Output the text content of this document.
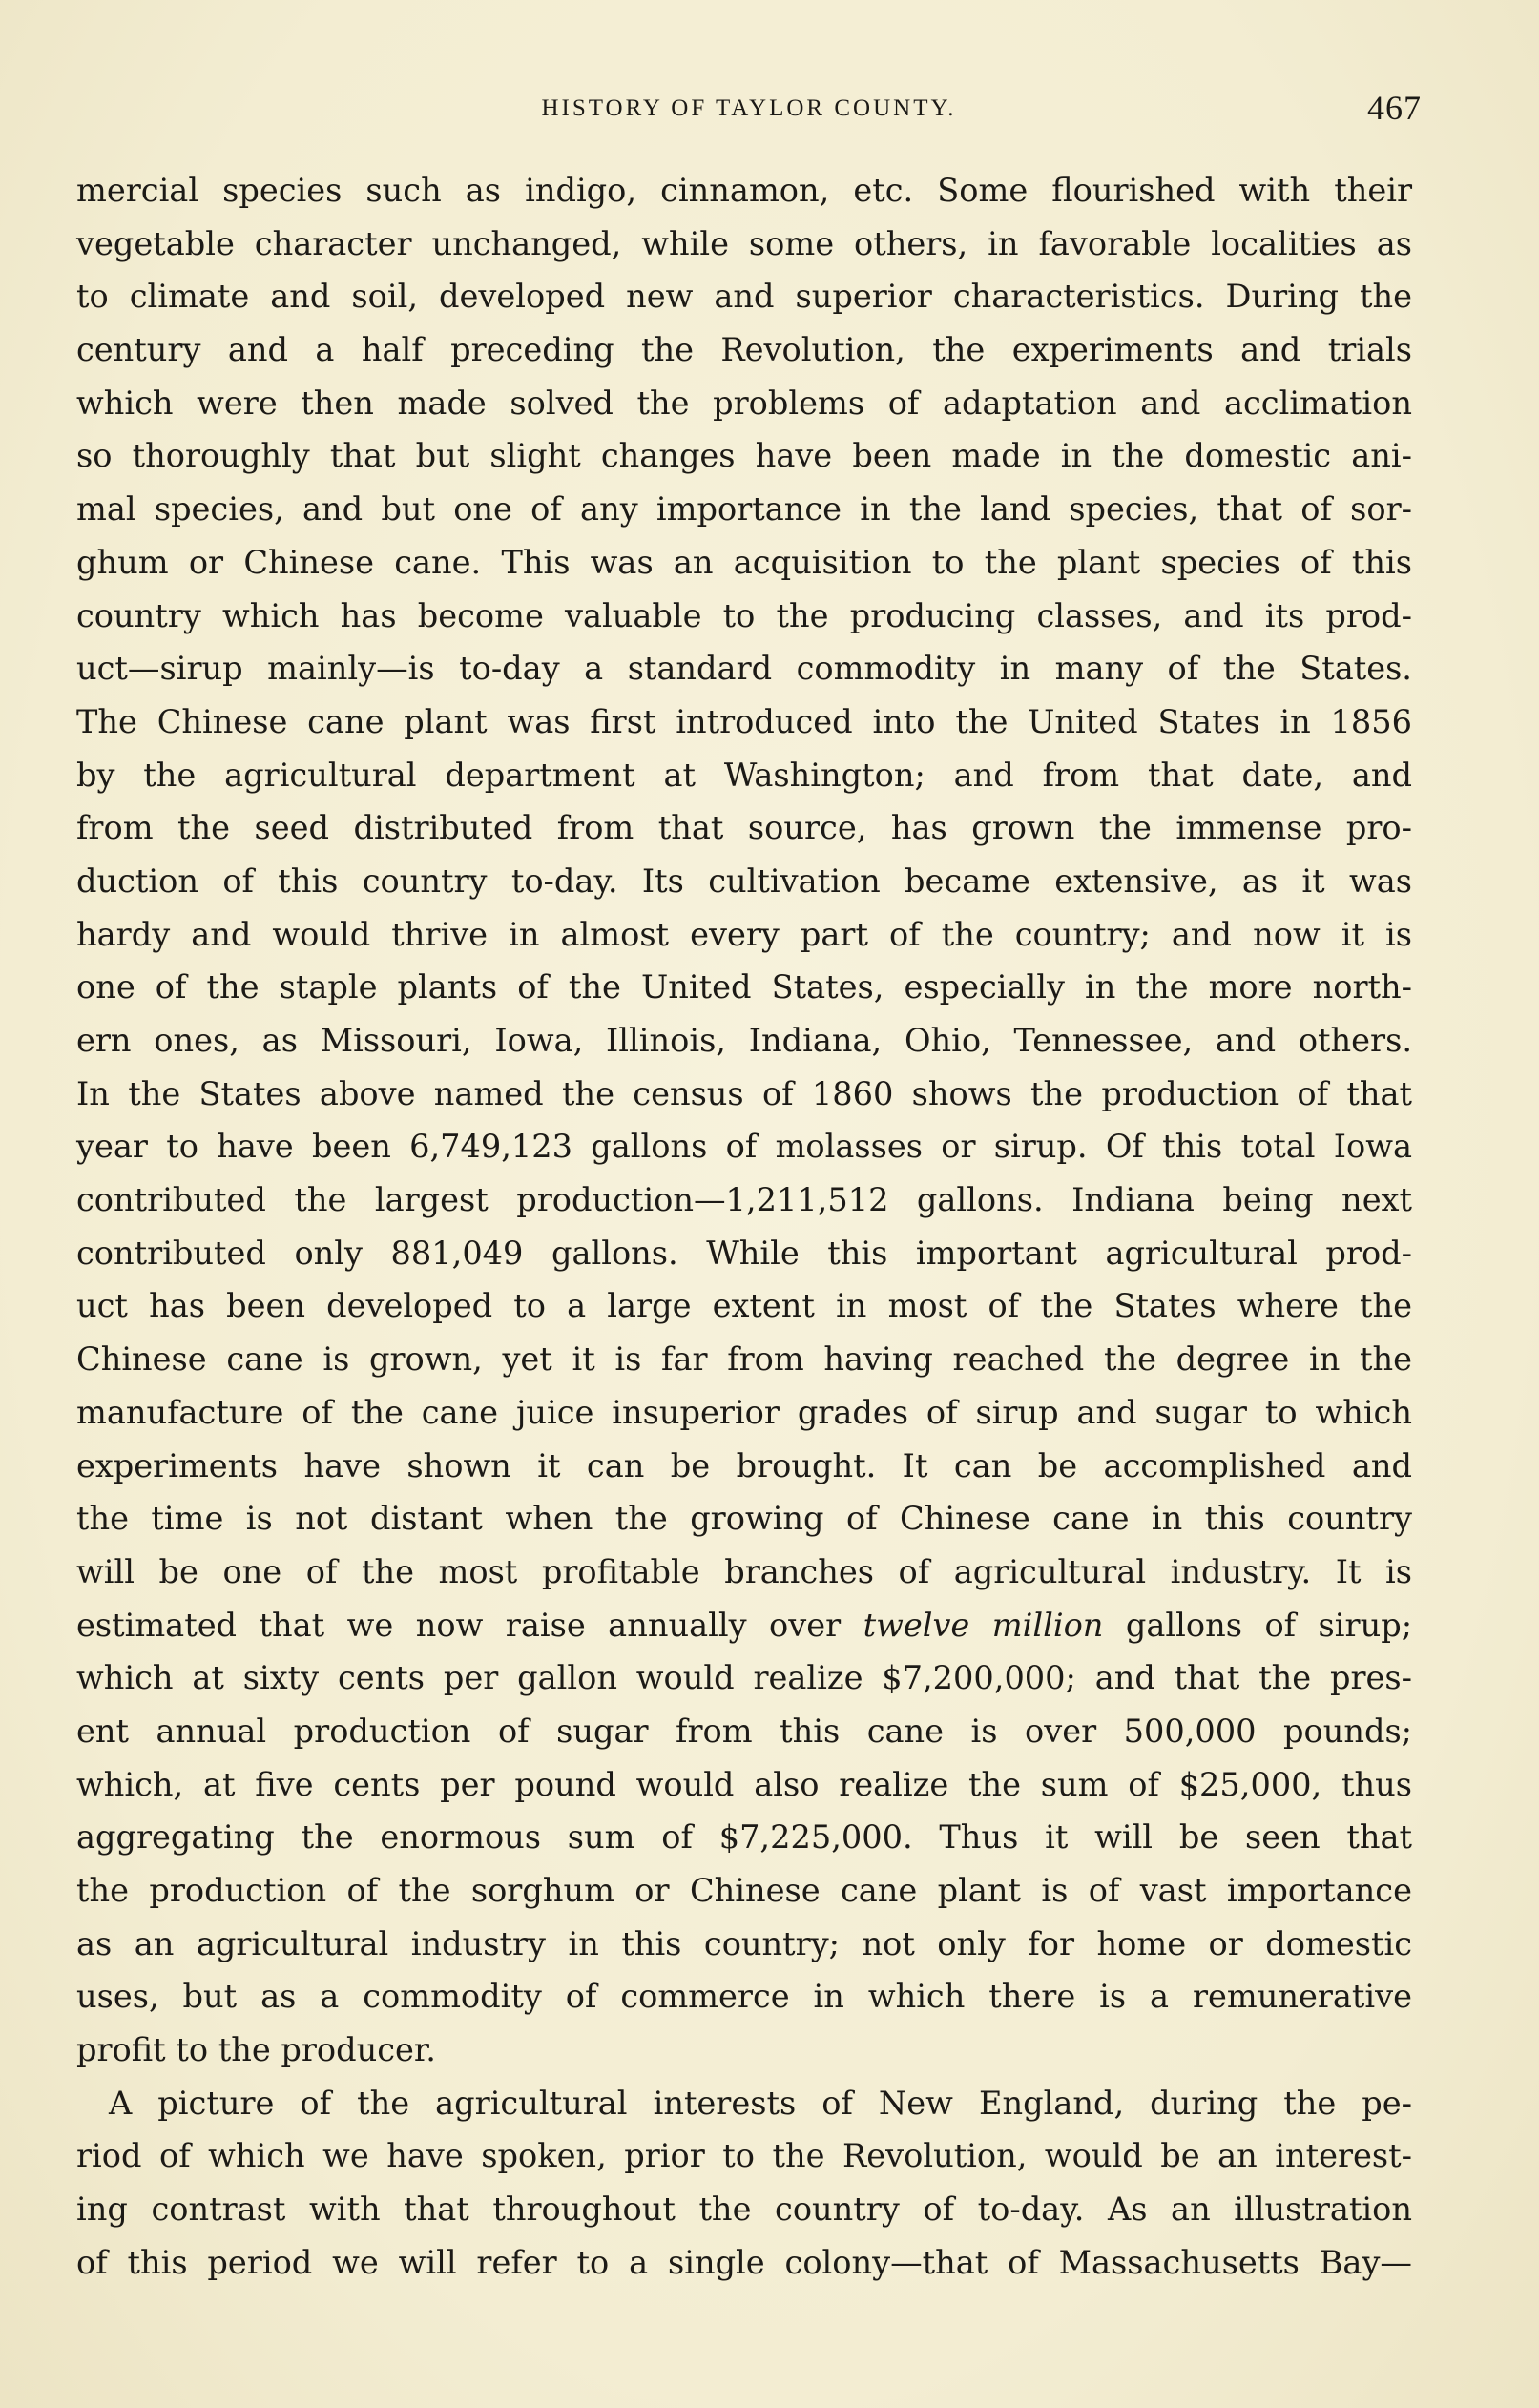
HISTORY OF TAYLOR COUNTY.	467
mercial species such as indigo, cinnamon, etc. Some flourished with their
vegetable character unchanged, while some others, in favorable localities as
to climate and soil, developed new and superior characteristics. During the
century and a half preceding the Revolution, the experiments and trials
which were then made solved the problems of adaptation and acclimation
so thoroughly that but slight changes have been made in the domestic ani-
mal species, and but one of any importance in the land species, that of sor-
ghum or Chinese cane. This was an acquisition to the plant species of this
country which has become valuable to the producing classes, and its prod-
uct—sirup mainly—is to-day a standard commodity in many of the States.
The Chinese cane plant was first introduced into the United States in 1856
by the agricultural department at Washington; and from that date, and
from the seed distributed from that source, has grown the immense pro-
duction of this country to-day. Its cultivation became extensive, as it was
hardy and would thrive in almost every part of the country; and now it is
one of the staple plants of the United States, especially in the more north-
ern ones, as Missouri, Iowa, Illinois, Indiana, Ohio, Tennessee, and others.
In the States above named the census of 1860 shows the production of that
year to have been 6,749,123 gallons of molasses or sirup. Of this total Iowa
contributed the largest production—1,211,512 gallons. Indiana being next
contributed only 881,049 gallons. While this important agricultural prod-
uct has been developed to a large extent in most of the States where the
Chinese cane is grown, yet it is far from having reached the degree in the
manufacture of the cane juice insuperior grades of sirup and sugar to which
experiments have shown it can be brought. It can be accomplished and
the time is not distant when the growing of Chinese cane in this country
will be one of the most profitable branches of agricultural industry. It is
estimated that we now raise annually over twelve million gallons of sirup;
which at sixty cents per gallon would realize $7,200,000; and that the pres-
ent annual production of sugar from this cane is over 500,000 pounds;
which, at five cents per pound would also realize the sum of $25,000, thus
aggregating the enormous sum of $7,225,000. Thus it will be seen that
the production of the sorghum or Chinese cane plant is of vast importance
as an agricultural industry in this country; not only for home or domestic
uses, but as a commodity of commerce in which there is a remunerative
profit to the producer.
A picture of the agricultural interests of New England, during the pe-
riod of which we have spoken, prior to the Revolution, would be an interest-
ing contrast with that throughout the country of to-day. As an illustration
of this period we will refer to a single colony—that of Massachusetts Bay—
